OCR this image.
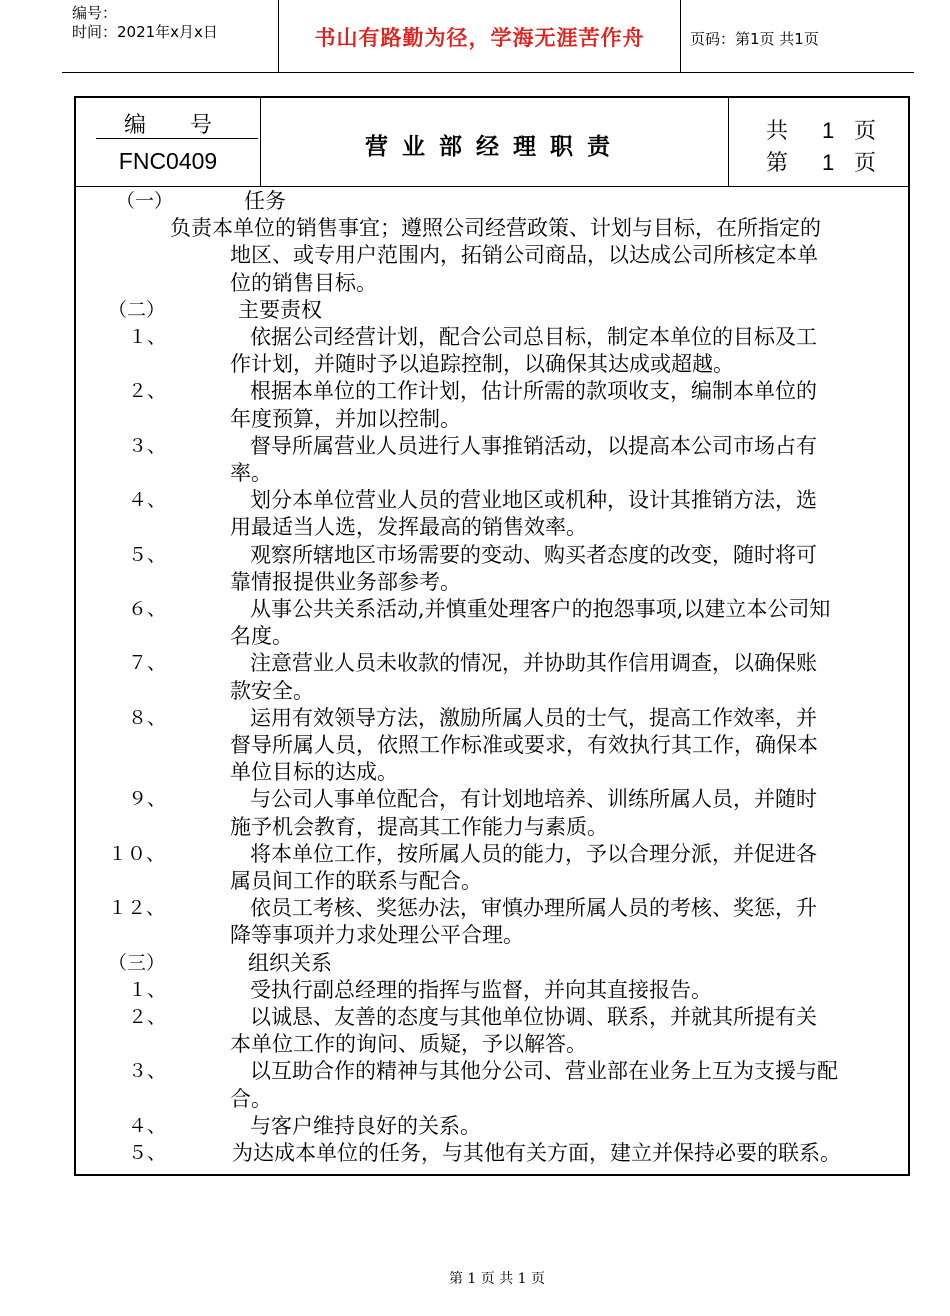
编号：
时间：2021年x月x日	书山有路勤为径，学海无涯苦作舟	页码：第1页 共1页
编　　号
FNC0409
营业部经理职责
共 1 页
第 1 页
（一）	任务
负责本单位的销售事宜；遵照公司经营政策、计划与目标，在所指定的
地区、或专用户范围内，拓销公司商品，以达成公司所核定本单
位的销售目标。
（二）	主要责权
１、	依据公司经营计划，配合公司总目标，制定本单位的目标及工
作计划，并随时予以追踪控制，以确保其达成或超越。
２、	根据本单位的工作计划，估计所需的款项收支，编制本单位的
年度预算，并加以控制。
３、	督导所属营业人员进行人事推销活动，以提高本公司市场占有
率。
４、	划分本单位营业人员的营业地区或机种，设计其推销方法，选
用最适当人选，发挥最高的销售效率。
５、	观察所辖地区市场需要的变动、购买者态度的改变，随时将可
靠情报提供业务部参考。
６、	从事公共关系活动,并慎重处理客户的抱怨事项,以建立本公司知
名度。
７、	注意营业人员未收款的情况，并协助其作信用调查，以确保账
款安全。
８、	运用有效领导方法，激励所属人员的士气，提高工作效率，并
督导所属人员，依照工作标准或要求，有效执行其工作，确保本
单位目标的达成。
９、	与公司人事单位配合，有计划地培养、训练所属人员，并随时
施予机会教育，提高其工作能力与素质。
１０、	将本单位工作，按所属人员的能力，予以合理分派，并促进各
属员间工作的联系与配合。
１２、	依员工考核、奖惩办法，审慎办理所属人员的考核、奖惩，升
降等事项并力求处理公平合理。
（三）	组织关系
１、	受执行副总经理的指挥与监督，并向其直接报告。
２、	以诚恳、友善的态度与其他单位协调、联系，并就其所提有关
本单位工作的询问、质疑，予以解答。
３、	以互助合作的精神与其他分公司、营业部在业务上互为支援与配
合。
４、	与客户维持良好的关系。
５、	为达成本单位的任务，与其他有关方面，建立并保持必要的联系。
第 1 页 共 1 页
